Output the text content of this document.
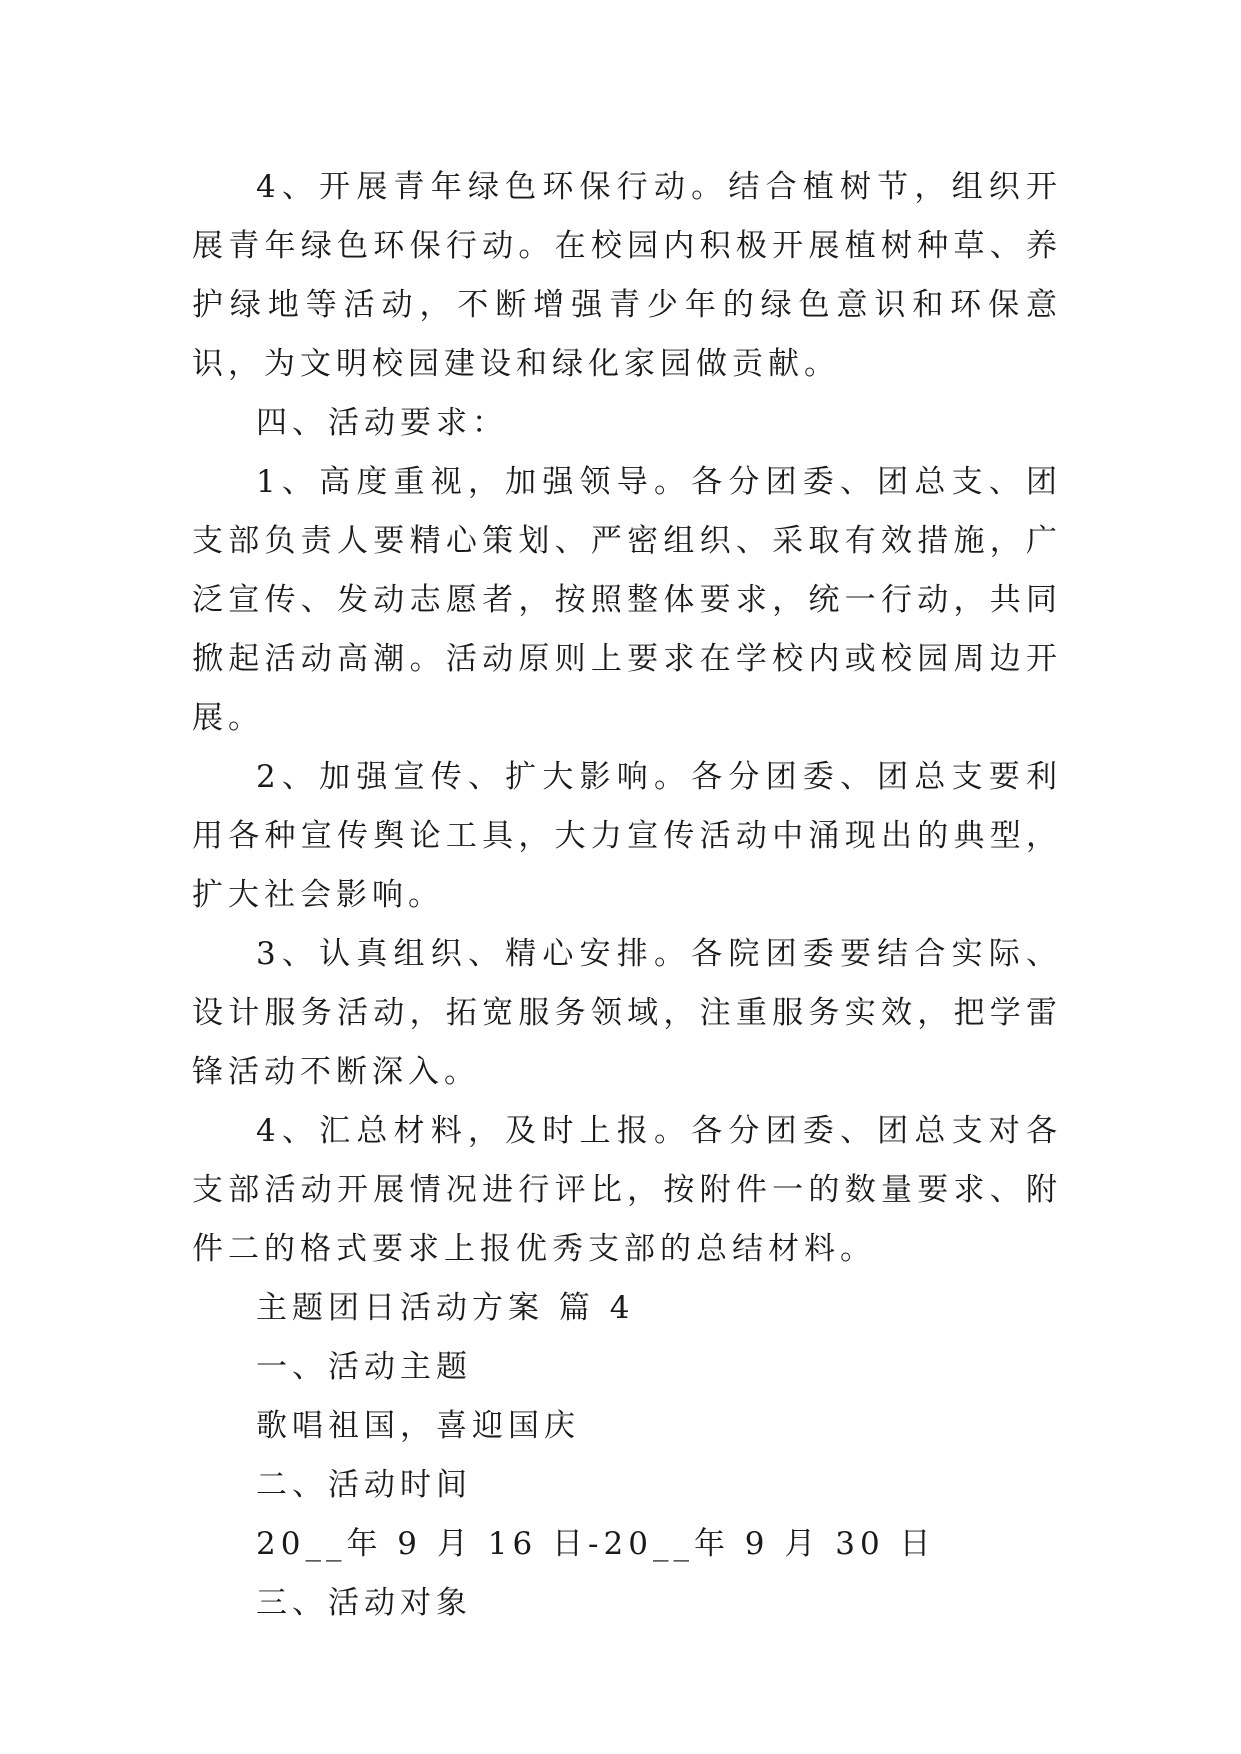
4、开展青年绿色环保行动。结合植树节，组织开展青年绿色环保行动。在校园内积极开展植树种草、养护绿地等活动，不断增强青少年的绿色意识和环保意识，为文明校园建设和绿化家园做贡献。

四、活动要求：

1、高度重视，加强领导。各分团委、团总支、团支部负责人要精心策划、严密组织、采取有效措施，广泛宣传、发动志愿者，按照整体要求，统一行动，共同掀起活动高潮。活动原则上要求在学校内或校园周边开展。

2、加强宣传、扩大影响。各分团委、团总支要利用各种宣传舆论工具，大力宣传活动中涌现出的典型，扩大社会影响。

3、认真组织、精心安排。各院团委要结合实际、设计服务活动，拓宽服务领域，注重服务实效，把学雷锋活动不断深入。

4、汇总材料，及时上报。各分团委、团总支对各支部活动开展情况进行评比，按附件一的数量要求、附件二的格式要求上报优秀支部的总结材料。

主题团日活动方案 篇 4
一、活动主题
歌唱祖国，喜迎国庆
二、活动时间
20__年 9 月 16 日-20__年 9 月 30 日
三、活动对象
